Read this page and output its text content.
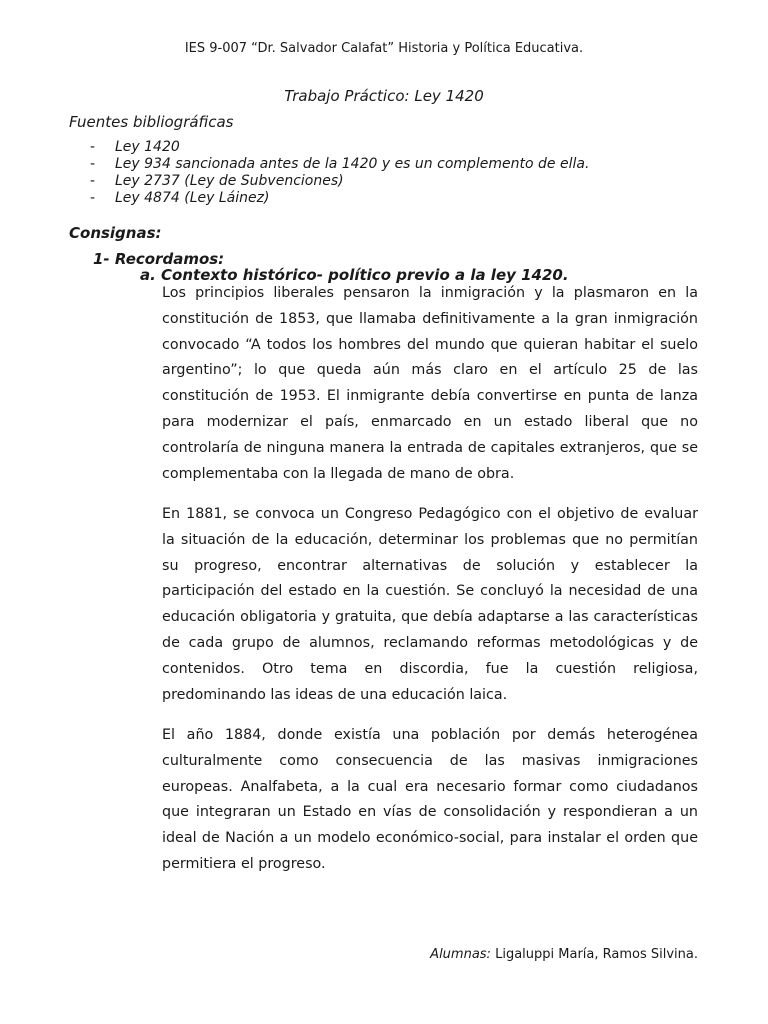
IES 9-007 “Dr. Salvador Calafat” Historia y Política Educativa.
Trabajo Práctico: Ley 1420
Fuentes bibliográficas
- Ley 1420
- Ley 934 sancionada antes de la 1420 y es un complemento de ella.
- Ley 2737 (Ley de Subvenciones)
- Ley 4874 (Ley Láinez)
Consignas:
1- Recordamos:
a. Contexto histórico- político previo a la ley 1420.

Los principios liberales pensaron la inmigración y la plasmaron en la constitución de 1853, que llamaba definitivamente a la gran inmigración convocado “A todos los hombres del mundo que quieran habitar el suelo argentino”; lo que queda aún más claro en el artículo 25 de las constitución de 1953. El inmigrante debía convertirse en punta de lanza para modernizar el país, enmarcado en un estado liberal que no controlaría de ninguna manera la entrada de capitales extranjeros, que se complementaba con la llegada de mano de obra.

En 1881, se convoca un Congreso Pedagógico con el objetivo de evaluar la situación de la educación, determinar los problemas que no permitían su progreso, encontrar alternativas de solución y establecer la participación del estado en la cuestión. Se concluyó la necesidad de una educación obligatoria y gratuita, que debía adaptarse a las características de cada grupo de alumnos, reclamando reformas metodológicas y de contenidos. Otro tema en discordia, fue la cuestión religiosa, predominando las ideas de una educación laica.

El año 1884, donde existía una población por demás heterogénea culturalmente como consecuencia de las masivas inmigraciones europeas. Analfabeta, a la cual era necesario formar como ciudadanos que integraran un Estado en vías de consolidación y respondieran a un ideal de Nación a un modelo económico-social, para instalar el orden que permitiera el progreso.

Alumnas: Ligaluppi María, Ramos Silvina.
